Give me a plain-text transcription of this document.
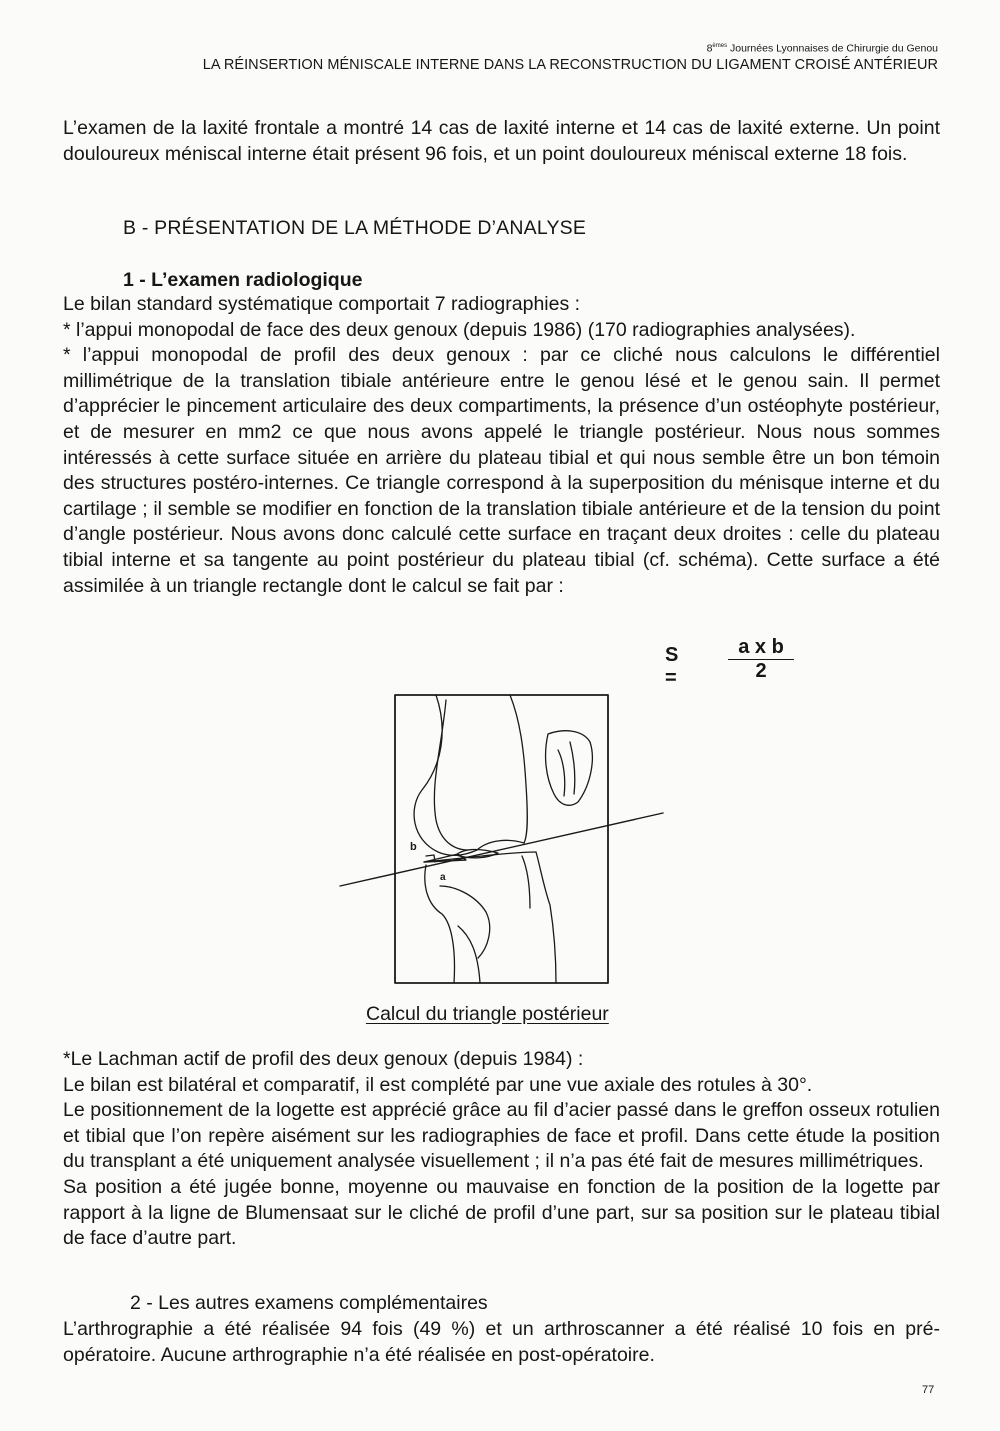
8èmes Journées Lyonnaises de Chirurgie du Genou
LA RÉINSERTION MÉNISCALE INTERNE DANS LA RECONSTRUCTION DU LIGAMENT CROISÉ ANTÉRIEUR

L’examen de la laxité frontale a montré 14 cas de laxité interne et 14 cas de laxité externe. Un point douloureux méniscal interne était présent 96 fois, et un point douloureux méniscal externe 18 fois.

B - PRÉSENTATION DE LA MÉTHODE D’ANALYSE
1 - L’examen radiologique

Le bilan standard systématique comportait 7 radiographies :

* l’appui monopodal de face des deux genoux (depuis 1986) (170 radiographies analysées).

* l’appui monopodal de profil des deux genoux : par ce cliché nous calculons le différentiel millimétrique de la translation tibiale antérieure entre le genou lésé et le genou sain. Il permet d’apprécier le pincement articulaire des deux compartiments, la présence d’un ostéophyte postérieur, et de mesurer en mm2 ce que nous avons appelé le triangle postérieur. Nous nous sommes intéressés à cette surface située en arrière du plateau tibial et qui nous semble être un bon témoin des structures postéro-internes. Ce triangle correspond à la superposition du ménisque interne et du cartilage ; il semble se modifier en fonction de la translation tibiale antérieure et de la tension du point d’angle postérieur. Nous avons donc calculé cette surface en traçant deux droites : celle du plateau tibial interne et sa tangente au point postérieur du plateau tibial (cf. schéma). Cette surface a été assimilée à un triangle rectangle dont le calcul se fait par :

S =	$\frac{\text{a x b}}{2}$
b
a
Calcul du triangle postérieur

*Le Lachman actif de profil des deux genoux (depuis 1984) :

Le bilan est bilatéral et comparatif, il est complété par une vue axiale des rotules à 30°.

Le positionnement de la logette est apprécié grâce au fil d’acier passé dans le greffon osseux rotulien et tibial que l’on repère aisément sur les radiographies de face et profil. Dans cette étude la position du transplant a été uniquement analysée visuellement ; il n’a pas été fait de mesures millimétriques.

Sa position a été jugée bonne, moyenne ou mauvaise en fonction de la position de la logette par rapport à la ligne de Blumensaat sur le cliché de profil d’une part, sur sa position sur le plateau tibial de face d’autre part.

2 - Les autres examens complémentaires

L’arthrographie a été réalisée 94 fois (49 %) et un arthroscanner a été réalisé 10 fois en pré-opératoire. Aucune arthrographie n’a été réalisée en post-opératoire.

77
